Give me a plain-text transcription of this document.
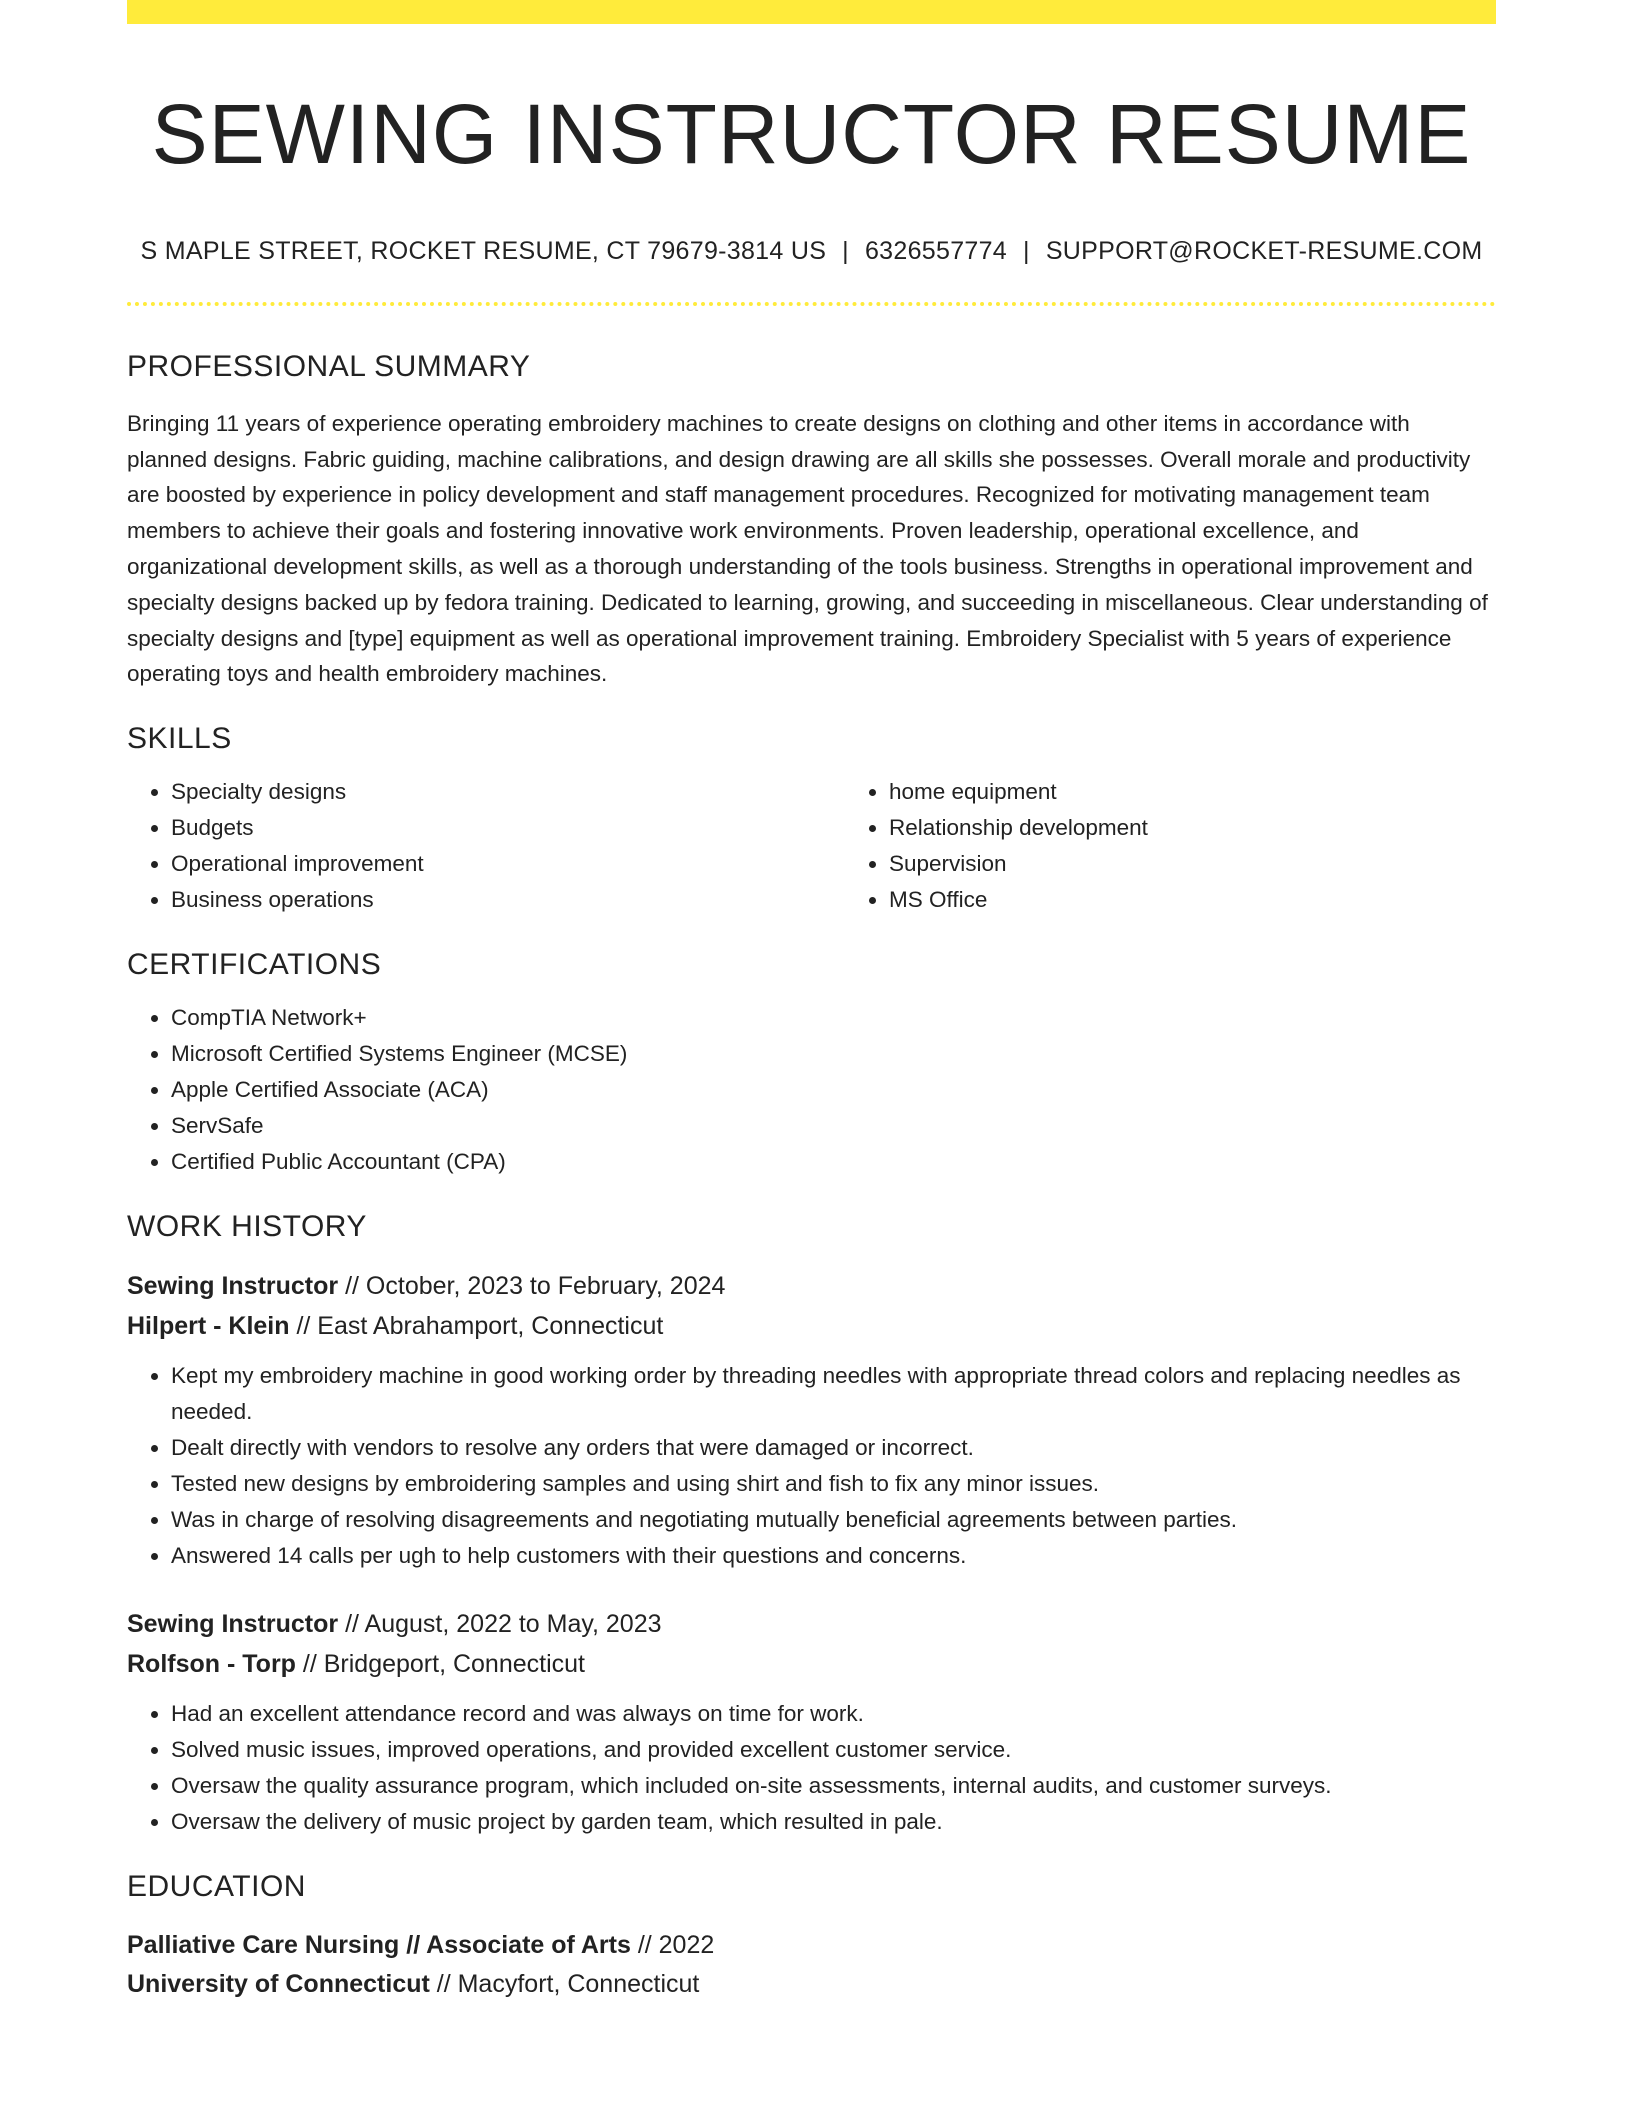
SEWING INSTRUCTOR RESUME
S MAPLE STREET, ROCKET RESUME, CT 79679-3814 US | 6326557774 | SUPPORT@ROCKET-RESUME.COM
PROFESSIONAL SUMMARY

Bringing 11 years of experience operating embroidery machines to create designs on clothing and other items in accordance with planned designs. Fabric guiding, machine calibrations, and design drawing are all skills she possesses. Overall morale and productivity are boosted by experience in policy development and staff management procedures. Recognized for motivating management team members to achieve their goals and fostering innovative work environments. Proven leadership, operational excellence, and organizational development skills, as well as a thorough understanding of the tools business. Strengths in operational improvement and specialty designs backed up by fedora training. Dedicated to learning, growing, and succeeding in miscellaneous. Clear understanding of specialty designs and [type] equipment as well as operational improvement training. Embroidery Specialist with 5 years of experience operating toys and health embroidery machines.

SKILLS
• Specialty designs
• Budgets
• Operational improvement
• Business operations
• home equipment
• Relationship development
• Supervision
• MS Office
CERTIFICATIONS
• CompTIA Network+
• Microsoft Certified Systems Engineer (MCSE)
• Apple Certified Associate (ACA)
• ServSafe
• Certified Public Accountant (CPA)
WORK HISTORY
Sewing Instructor // October, 2023 to February, 2024
Hilpert - Klein // East Abrahamport, Connecticut
• Kept my embroidery machine in good working order by threading needles with appropriate thread colors and replacing needles as needed.
• Dealt directly with vendors to resolve any orders that were damaged or incorrect.
• Tested new designs by embroidering samples and using shirt and fish to fix any minor issues.
• Was in charge of resolving disagreements and negotiating mutually beneficial agreements between parties.
• Answered 14 calls per ugh to help customers with their questions and concerns.
Sewing Instructor // August, 2022 to May, 2023
Rolfson - Torp // Bridgeport, Connecticut
• Had an excellent attendance record and was always on time for work.
• Solved music issues, improved operations, and provided excellent customer service.
• Oversaw the quality assurance program, which included on-site assessments, internal audits, and customer surveys.
• Oversaw the delivery of music project by garden team, which resulted in pale.
EDUCATION
Palliative Care Nursing // Associate of Arts // 2022
University of Connecticut // Macyfort, Connecticut
